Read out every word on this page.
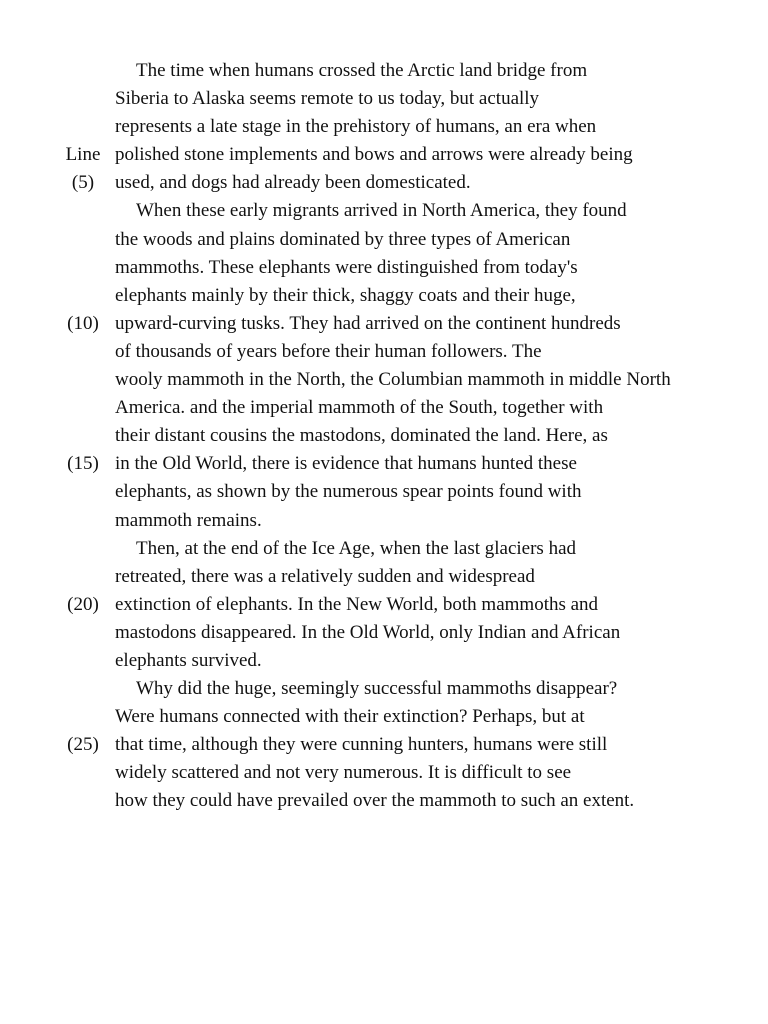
The time when humans crossed the Arctic land bridge from
Siberia to Alaska seems remote to us today, but actually
represents a late stage in the prehistory of humans, an era when
Line polished stone implements and bows and arrows were already being
(5)	used, and dogs had already been domesticated.
When these early migrants arrived in North America, they found
the woods and plains dominated by three types of American
mammoths. These elephants were distinguished from today's
elephants mainly by their thick, shaggy coats and their huge,
(10) upward-curving tusks. They had arrived on the continent hundreds
of thousands of years before their human followers. The
wooly mammoth in the North, the Columbian mammoth in middle North
America. and the imperial mammoth of the South, together with
their distant cousins the mastodons, dominated the land. Here, as
(15) in the Old World, there is evidence that humans hunted these
elephants, as shown by the numerous spear points found with
mammoth remains.
Then, at the end of the Ice Age, when the last glaciers had
retreated, there was a relatively sudden and widespread
(20) extinction of elephants. In the New World, both mammoths and
mastodons disappeared. In the Old World, only Indian and African
elephants survived.
Why did the huge, seemingly successful mammoths disappear?
Were humans connected with their extinction? Perhaps, but at
(25) that time, although they were cunning hunters, humans were still
widely scattered and not very numerous. It is difficult to see
how they could have prevailed over the mammoth to such an extent.
